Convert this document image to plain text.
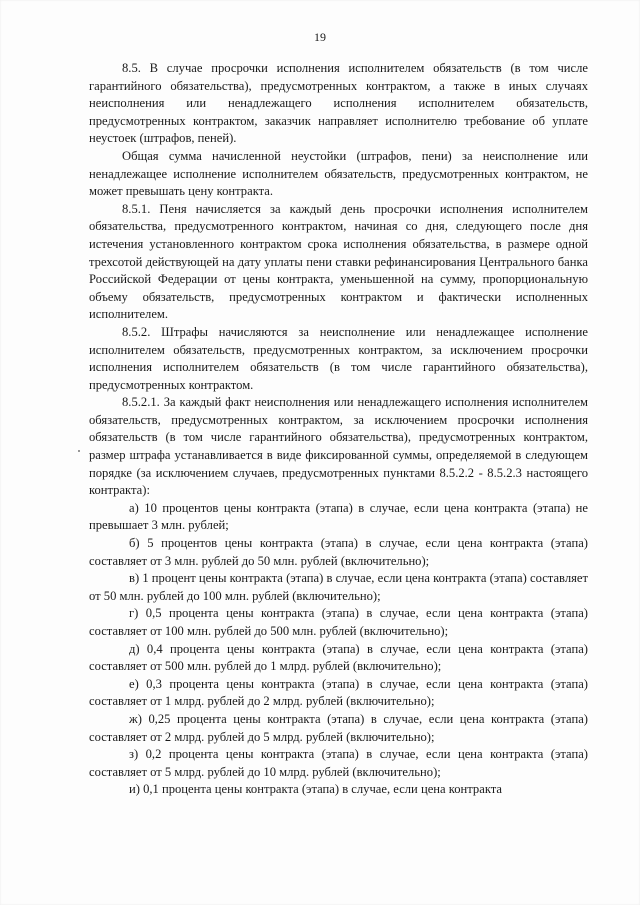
19

8.5. В случае просрочки исполнения исполнителем обязательств (в том числе гарантийного обязательства), предусмотренных контрактом, а также в иных случаях неисполнения или ненадлежащего исполнения исполнителем обязательств, предусмотренных контрактом, заказчик направляет исполнителю требование об уплате неустоек (штрафов, пеней).

Общая сумма начисленной неустойки (штрафов, пени) за неисполнение или ненадлежащее исполнение исполнителем обязательств, предусмотренных контрактом, не может превышать цену контракта.

8.5.1. Пеня начисляется за каждый день просрочки исполнения исполнителем обязательства, предусмотренного контрактом, начиная со дня, следующего после дня истечения установленного контрактом срока исполнения обязательства, в размере одной трехсотой действующей на дату уплаты пени ставки рефинансирования Центрального банка Российской Федерации от цены контракта, уменьшенной на сумму, пропорциональную объему обязательств, предусмотренных контрактом и фактически исполненных исполнителем.

8.5.2. Штрафы начисляются за неисполнение или ненадлежащее исполнение исполнителем обязательств, предусмотренных контрактом, за исключением просрочки исполнения исполнителем обязательств (в том числе гарантийного обязательства), предусмотренных контрактом.

8.5.2.1. За каждый факт неисполнения или ненадлежащего исполнения исполнителем обязательств, предусмотренных контрактом, за исключением просрочки исполнения обязательств (в том числе гарантийного обязательства), предусмотренных контрактом, размер штрафа устанавливается в виде фиксированной суммы, определяемой в следующем порядке (за исключением случаев, предусмотренных пунктами 8.5.2.2 - 8.5.2.3 настоящего контракта):

а) 10 процентов цены контракта (этапа) в случае, если цена контракта (этапа) не превышает 3 млн. рублей;

б) 5 процентов цены контракта (этапа) в случае, если цена контракта (этапа) составляет от 3 млн. рублей до 50 млн. рублей (включительно);

в) 1 процент цены контракта (этапа) в случае, если цена контракта (этапа) составляет от 50 млн. рублей до 100 млн. рублей (включительно);

г) 0,5 процента цены контракта (этапа) в случае, если цена контракта (этапа) составляет от 100 млн. рублей до 500 млн. рублей (включительно);

д) 0,4 процента цены контракта (этапа) в случае, если цена контракта (этапа) составляет от 500 млн. рублей до 1 млрд. рублей (включительно);

е) 0,3 процента цены контракта (этапа) в случае, если цена контракта (этапа) составляет от 1 млрд. рублей до 2 млрд. рублей (включительно);

ж) 0,25 процента цены контракта (этапа) в случае, если цена контракта (этапа) составляет от 2 млрд. рублей до 5 млрд. рублей (включительно);

з) 0,2 процента цены контракта (этапа) в случае, если цена контракта (этапа) составляет от 5 млрд. рублей до 10 млрд. рублей (включительно);

и) 0,1 процента цены контракта (этапа) в случае, если цена контракта
